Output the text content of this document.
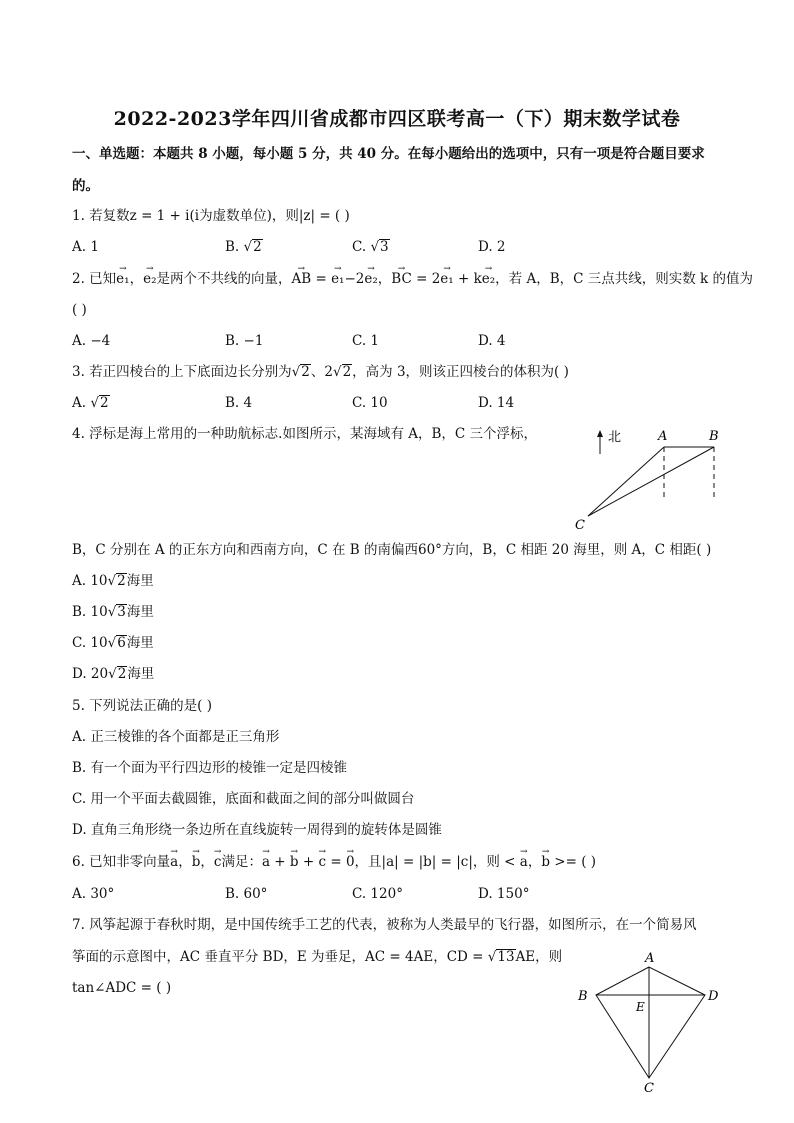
2022-2023学年四川省成都市四区联考高一（下）期末数学试卷
一、单选题：本题共 8 小题，每小题 5 分，共 40 分。在每小题给出的选项中，只有一项是符合题目要求
的。
1. 若复数z = 1 + i(i为虚数单位)，则|z| = ( )
A. 1	B. √2	C. √3	D. 2
2. 已知→ e₁，→ e₂是两个不共线的向量，→ AB = → e₁−2→ e₂，→ BC = 2→ e₁ + k→ e₂，若 A，B，C 三点共线，则实数 k 的值为
( )
A. −4	B. −1	C. 1	D. 4
3. 若正四棱台的上下底面边长分别为√2、2√2，高为 3，则该正四棱台的体积为( )
A. √2	B. 4	C. 10	D. 14
4. 浮标是海上常用的一种助航标志.如图所示，某海域有 A，B，C 三个浮标，	北	A	B
C
B，C 分别在 A 的正东方向和西南方向，C 在 B 的南偏西60°方向，B，C 相距 20 海里，则 A，C 相距( )
A. 10√2海里
B. 10√3海里
C. 10√6海里
D. 20√2海里
5. 下列说法正确的是( )
A. 正三棱锥的各个面都是正三角形
B. 有一个面为平行四边形的棱锥一定是四棱锥
C. 用一个平面去截圆锥，底面和截面之间的部分叫做圆台
D. 直角三角形绕一条边所在直线旋转一周得到的旋转体是圆锥
6. 已知非零向量→ a，→ b，→ c满足：→ a + → b + → c = → 0，且|a| = |b| = |c|，则 < → a，→ b >= ( )
A. 30°	B. 60°	C. 120°	D. 150°
7. 风筝起源于春秋时期，是中国传统手工艺的代表，被称为人类最早的飞行器，如图所示，在一个简易风
筝面的示意图中，AC 垂直平分 BD，E 为垂足，AC = 4AE，CD = √13AE，则
tan∠ADC = ( )
A
B	D
E
C
